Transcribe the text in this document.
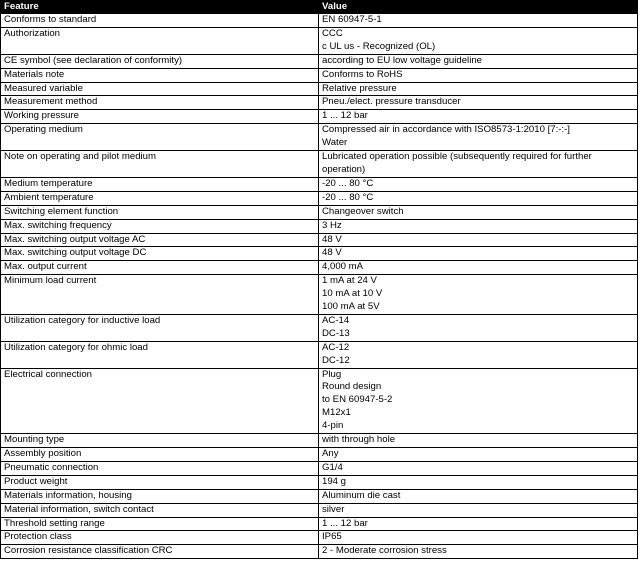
Feature	Value
Conforms to standard	EN 60947-5-1

Authorization	CCC
c UL us - Recognized (OL)

CE symbol (see declaration of conformity)	according to EU low voltage guideline

Materials note	Conforms to RoHS

Measured variable	Relative pressure

Measurement method	Pneu./elect. pressure transducer

Working pressure	1 ... 12 bar

Operating medium	Compressed air in accordance with ISO8573-1:2010 [7:-:-]
Water

Note on operating and pilot medium	Lubricated operation possible (subsequently required for further operation)

Medium temperature	-20 ... 80 °C

Ambient temperature	-20 ... 80 °C

Switching element function	Changeover switch

Max. switching frequency	3 Hz

Max. switching output voltage AC	48 V

Max. switching output voltage DC	48 V

Max. output current	4,000 mA

Minimum load current	1 mA at 24 V
10 mA at 10 V
100 mA at 5V

Utilization category for inductive load	AC-14
DC-13

Utilization category for ohmic load	AC-12
DC-12

Electrical connection	Plug
Round design
to EN 60947-5-2
M12x1
4-pin

Mounting type	with through hole

Assembly position	Any

Pneumatic connection	G1/4

Product weight	194 g

Materials information, housing	Aluminum die cast

Material information, switch contact	silver

Threshold setting range	1 ... 12 bar

Protection class	IP65

Corrosion resistance classification CRC	2 - Moderate corrosion stress
